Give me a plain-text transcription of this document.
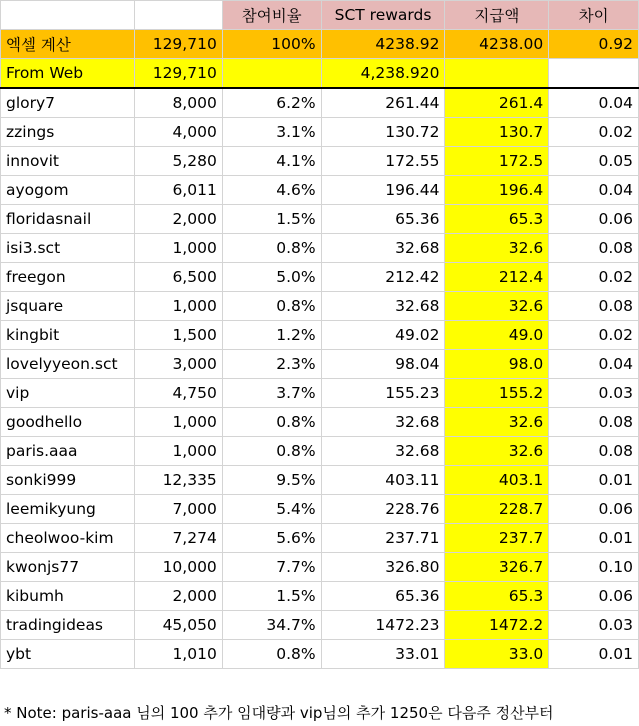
		참여비율	SCT rewards	지급액	차이
엑셀 계산	129,710	100%	4238.92	4238.00	0.92
From Web	129,710		4,238.920		
glory7	8,000	6.2%	261.44	261.4	0.04
zzings	4,000	3.1%	130.72	130.7	0.02
innovit	5,280	4.1%	172.55	172.5	0.05
ayogom	6,011	4.6%	196.44	196.4	0.04
floridasnail	2,000	1.5%	65.36	65.3	0.06
isi3.sct	1,000	0.8%	32.68	32.6	0.08
freegon	6,500	5.0%	212.42	212.4	0.02
jsquare	1,000	0.8%	32.68	32.6	0.08
kingbit	1,500	1.2%	49.02	49.0	0.02
lovelyyeon.sct	3,000	2.3%	98.04	98.0	0.04
vip	4,750	3.7%	155.23	155.2	0.03
goodhello	1,000	0.8%	32.68	32.6	0.08
paris.aaa	1,000	0.8%	32.68	32.6	0.08
sonki999	12,335	9.5%	403.11	403.1	0.01
leemikyung	7,000	5.4%	228.76	228.7	0.06
cheolwoo-kim	7,274	5.6%	237.71	237.7	0.01
kwonjs77	10,000	7.7%	326.80	326.7	0.10
kibumh	2,000	1.5%	65.36	65.3	0.06
tradingideas	45,050	34.7%	1472.23	1472.2	0.03
ybt	1,010	0.8%	33.01	33.0	0.01
* Note: paris-aaa 님의 100 추가 임대량과 vip님의 추가 1250은 다음주 정산부터
